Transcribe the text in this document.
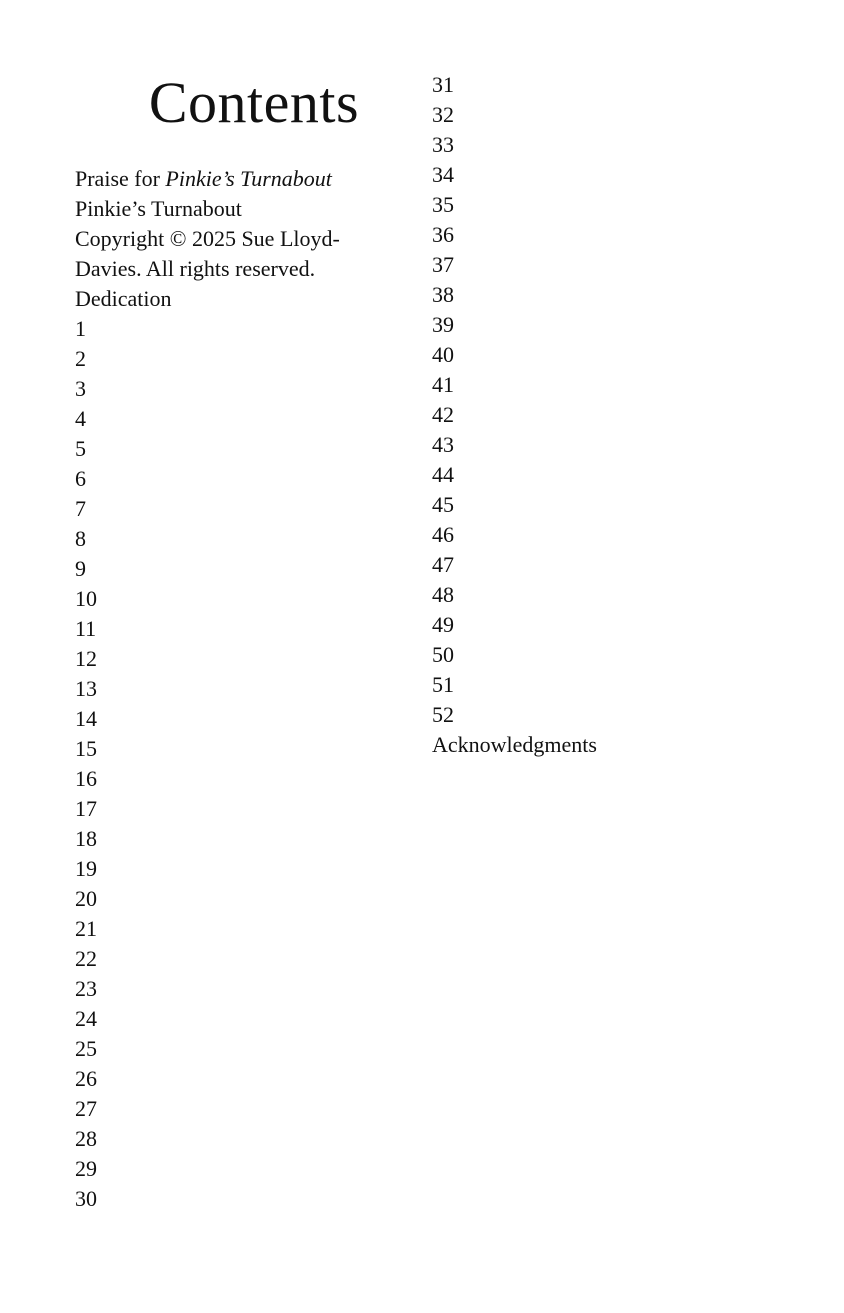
Contents
Praise for Pinkie’s Turnabout
Pinkie’s Turnabout
Copyright © 2025 Sue Lloyd-Davies. All rights reserved.
Dedication
1
2
3
4
5
6
7
8
9
10
11
12
13
14
15
16
17
18
19
20
21
22
23
24
25
26
27
28
29
30
31
32
33
34
35
36
37
38
39
40
41
42
43
44
45
46
47
48
49
50
51
52
Acknowledgments
